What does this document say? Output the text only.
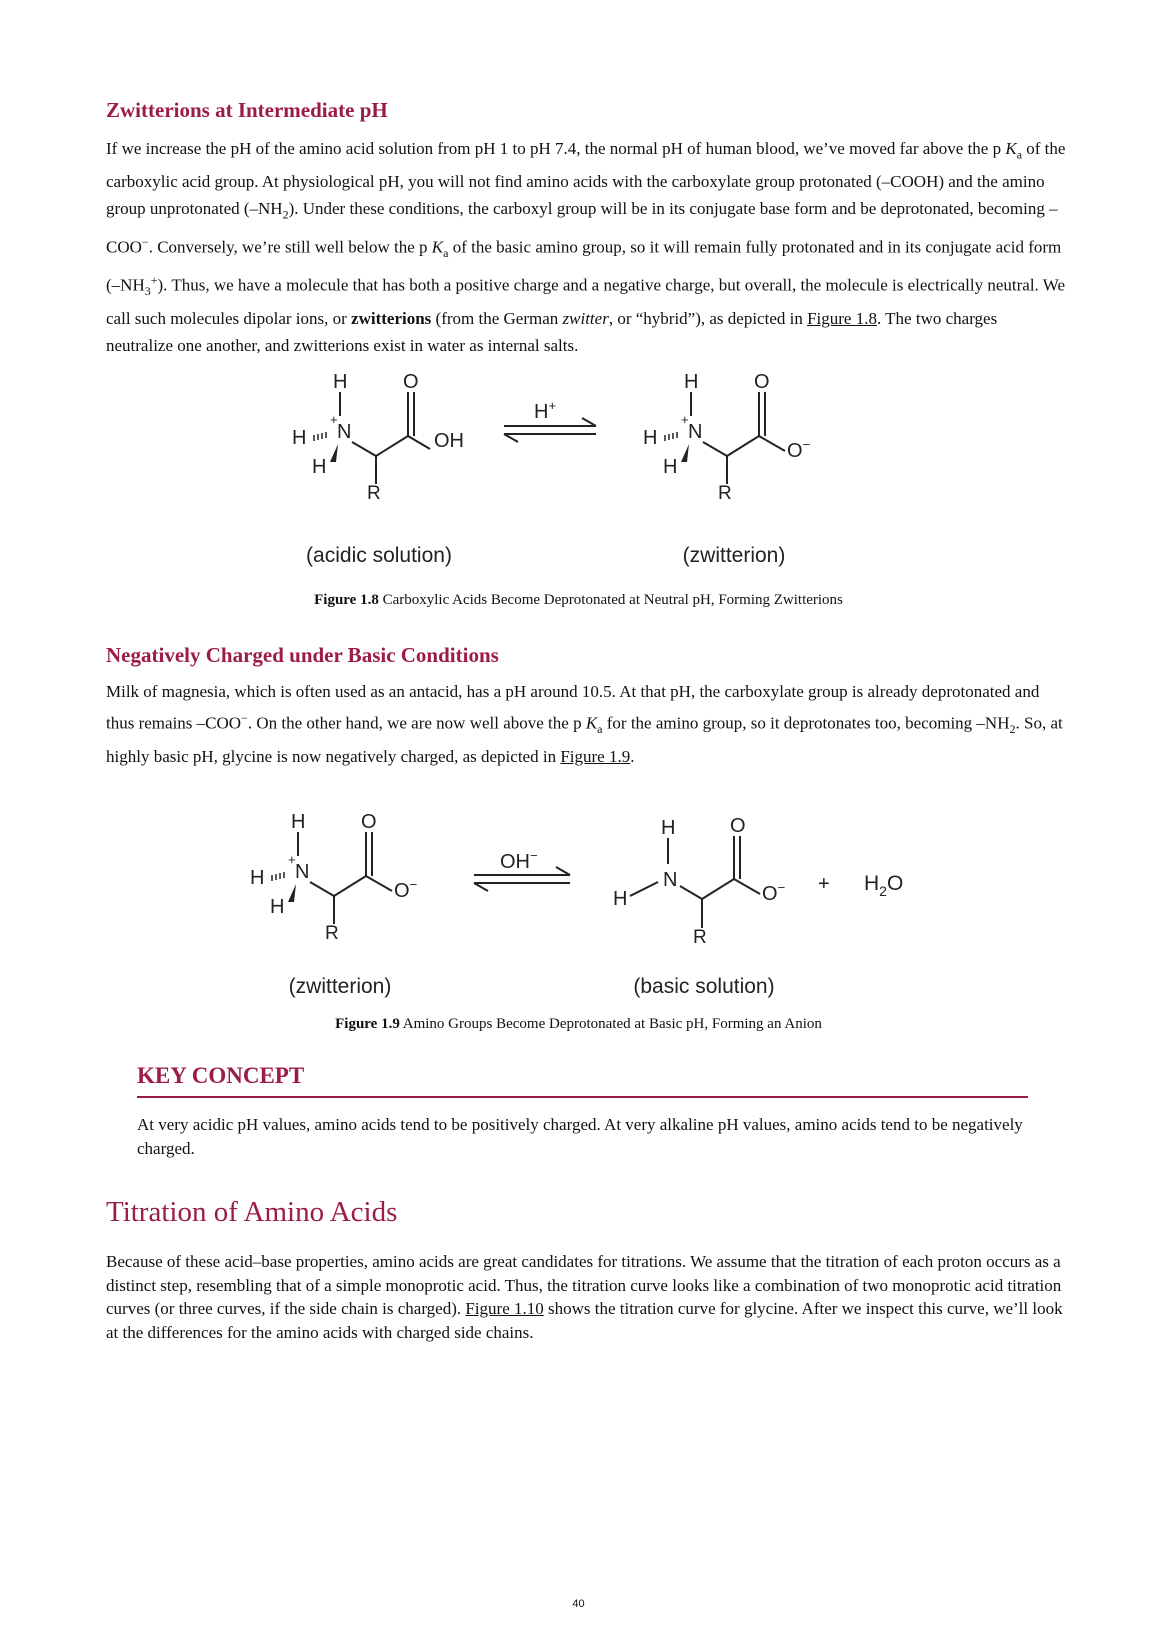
Zwitterions at Intermediate pH

If we increase the pH of the amino acid solution from pH 1 to pH 7.4, the normal pH of human blood, we’ve moved far above the p $K_a$ of the carboxylic acid group. At physiological pH, you will not find amino acids with the carboxylate group protonated (–COOH) and the amino group unprotonated $(-NH_2)$. Under these conditions, the carboxyl group will be in its conjugate base form and be deprotonated, becoming –COO−. Conversely, we’re still well below the p $K_a$ of the basic amino group, so it will remain fully protonated and in its conjugate acid form $(-NH_3^+)$. Thus, we have a molecule that has both a positive charge and a negative charge, but overall, the molecule is electrically neutral. We call such molecules dipolar ions, or zwitterions (from the German zwitter, or “hybrid”), as depicted in Figure 1.8. The two charges neutralize one another, and zwitterions exist in water as internal salts.

H	O
N
+
H
H
OH
R
H+
H	O
N
+
H
H
O−
R
(acidic solution)	(zwitterion)

Figure 1.8 Carboxylic Acids Become Deprotonated at Neutral pH, Forming Zwitterions

Negatively Charged under Basic Conditions

Milk of magnesia, which is often used as an antacid, has a pH around 10.5. At that pH, the carboxylate group is already deprotonated and thus remains –COO−. On the other hand, we are now well above the p $K_a$ for the amino group, so it deprotonates too, becoming $-NH_2$. So, at highly basic pH, glycine is now negatively charged, as depicted in Figure 1.9.

H	O
N
+
H
H
O−
R
OH−
H	O
N
H	O−
R
+ $H_2O$
(zwitterion)	(basic solution)

Figure 1.9 Amino Groups Become Deprotonated at Basic pH, Forming an Anion

KEY CONCEPT

At very acidic pH values, amino acids tend to be positively charged. At very alkaline pH values, amino acids tend to be negatively charged.

Titration of Amino Acids

Because of these acid–base properties, amino acids are great candidates for titrations. We assume that the titration of each proton occurs as a distinct step, resembling that of a simple monoprotic acid. Thus, the titration curve looks like a combination of two monoprotic acid titration curves (or three curves, if the side chain is charged). Figure 1.10 shows the titration curve for glycine. After we inspect this curve, we’ll look at the differences for the amino acids with charged side chains.

40
